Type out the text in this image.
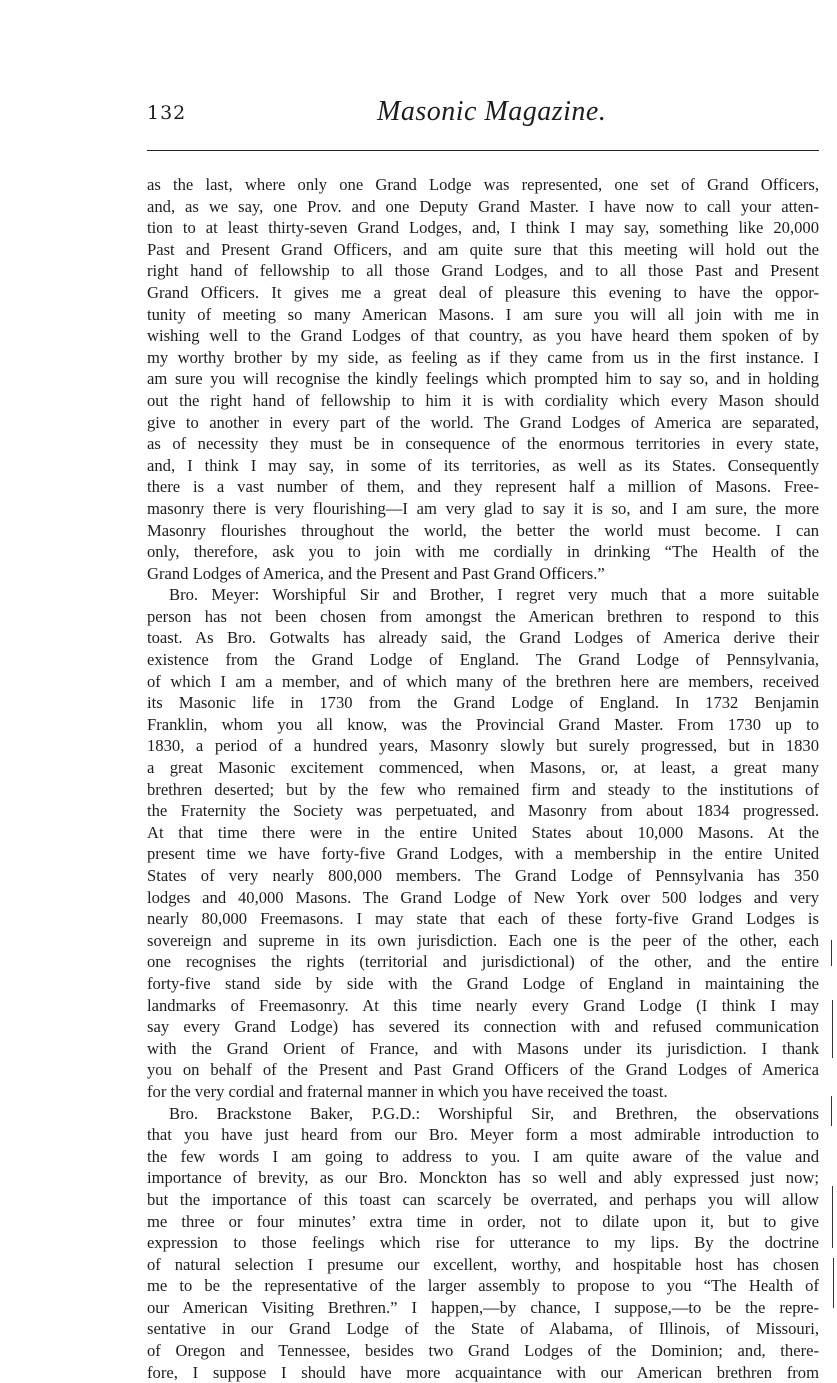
132	Masonic Magazine.
as the last, where only one Grand Lodge was represented, one set of Grand Officers,
and, as we say, one Prov. and one Deputy Grand Master. I have now to call your atten-
tion to at least thirty-seven Grand Lodges, and, I think I may say, something like 20,000
Past and Present Grand Officers, and am quite sure that this meeting will hold out the
right hand of fellowship to all those Grand Lodges, and to all those Past and Present
Grand Officers. It gives me a great deal of pleasure this evening to have the oppor-
tunity of meeting so many American Masons. I am sure you will all join with me in
wishing well to the Grand Lodges of that country, as you have heard them spoken of by
my worthy brother by my side, as feeling as if they came from us in the first instance. I
am sure you will recognise the kindly feelings which prompted him to say so, and in holding
out the right hand of fellowship to him it is with cordiality which every Mason should
give to another in every part of the world. The Grand Lodges of America are separated,
as of necessity they must be in consequence of the enormous territories in every state,
and, I think I may say, in some of its territories, as well as its States. Consequently
there is a vast number of them, and they represent half a million of Masons. Free-
masonry there is very flourishing—I am very glad to say it is so, and I am sure, the more
Masonry flourishes throughout the world, the better the world must become. I can
only, therefore, ask you to join with me cordially in drinking “The Health of the
Grand Lodges of America, and the Present and Past Grand Officers.”
Bro. Meyer: Worshipful Sir and Brother, I regret very much that a more suitable
person has not been chosen from amongst the American brethren to respond to this
toast. As Bro. Gotwalts has already said, the Grand Lodges of America derive their
existence from the Grand Lodge of England. The Grand Lodge of Pennsylvania,
of which I am a member, and of which many of the brethren here are members, received
its Masonic life in 1730 from the Grand Lodge of England. In 1732 Benjamin
Franklin, whom you all know, was the Provincial Grand Master. From 1730 up to
1830, a period of a hundred years, Masonry slowly but surely progressed, but in 1830
a great Masonic excitement commenced, when Masons, or, at least, a great many
brethren deserted; but by the few who remained firm and steady to the institutions of
the Fraternity the Society was perpetuated, and Masonry from about 1834 progressed.
At that time there were in the entire United States about 10,000 Masons. At the
present time we have forty-five Grand Lodges, with a membership in the entire United
States of very nearly 800,000 members. The Grand Lodge of Pennsylvania has 350
lodges and 40,000 Masons. The Grand Lodge of New York over 500 lodges and very
nearly 80,000 Freemasons. I may state that each of these forty-five Grand Lodges is
sovereign and supreme in its own jurisdiction. Each one is the peer of the other, each
one recognises the rights (territorial and jurisdictional) of the other, and the entire
forty-five stand side by side with the Grand Lodge of England in maintaining the
landmarks of Freemasonry. At this time nearly every Grand Lodge (I think I may
say every Grand Lodge) has severed its connection with and refused communication
with the Grand Orient of France, and with Masons under its jurisdiction. I thank
you on behalf of the Present and Past Grand Officers of the Grand Lodges of America
for the very cordial and fraternal manner in which you have received the toast.
Bro. Brackstone Baker, P.G.D.: Worshipful Sir, and Brethren, the observations
that you have just heard from our Bro. Meyer form a most admirable introduction to
the few words I am going to address to you. I am quite aware of the value and
importance of brevity, as our Bro. Monckton has so well and ably expressed just now;
but the importance of this toast can scarcely be overrated, and perhaps you will allow
me three or four minutes’ extra time in order, not to dilate upon it, but to give
expression to those feelings which rise for utterance to my lips. By the doctrine
of natural selection I presume our excellent, worthy, and hospitable host has chosen
me to be the representative of the larger assembly to propose to you “The Health of
our American Visiting Brethren.” I happen,—by chance, I suppose,—to be the repre-
sentative in our Grand Lodge of the State of Alabama, of Illinois, of Missouri,
of Oregon and Tennessee, besides two Grand Lodges of the Dominion; and, there-
fore, I suppose I should have more acquaintance with our American brethren from
